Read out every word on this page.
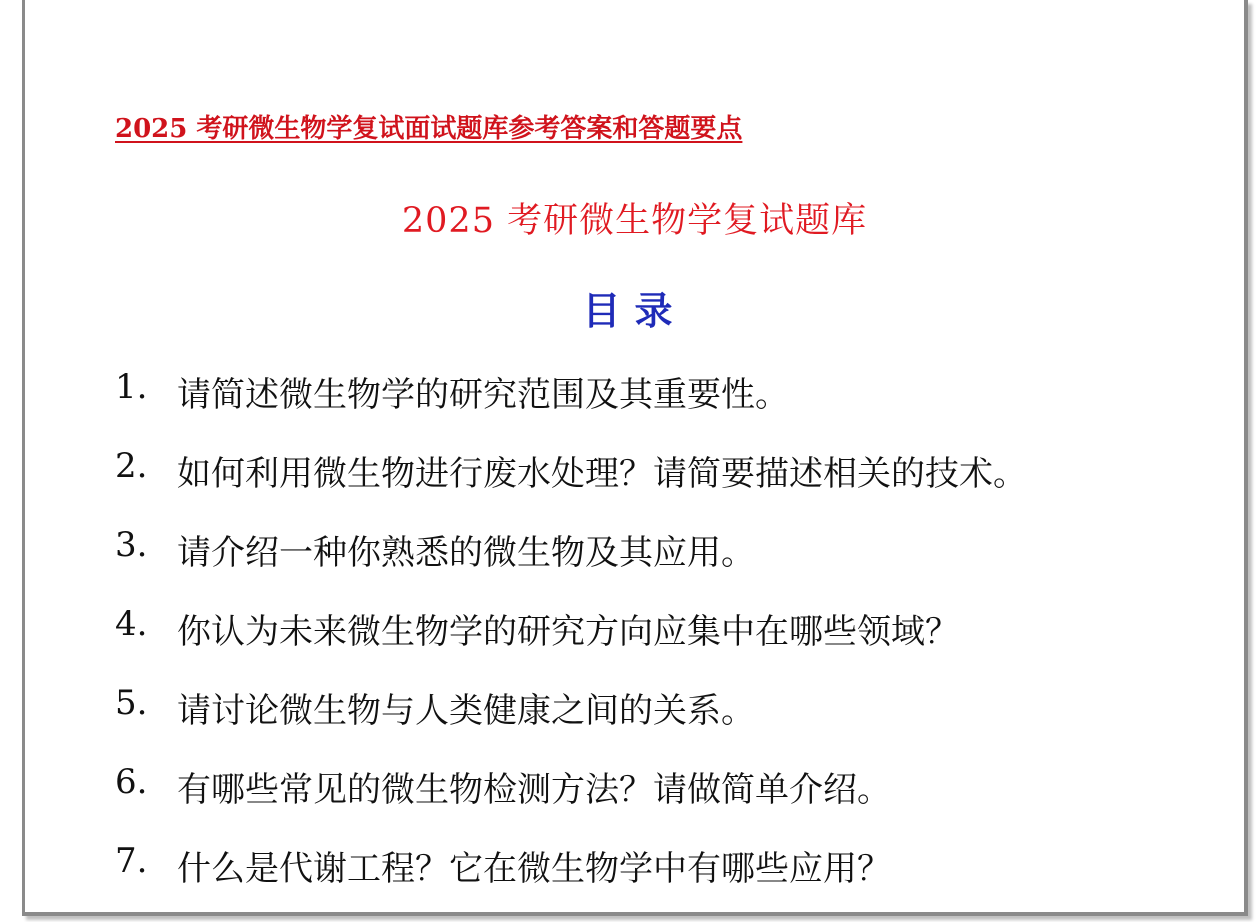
2025 考研微生物学复试面试题库参考答案和答题要点
2025 考研微生物学复试题库
目录
1. 请简述微生物学的研究范围及其重要性。
2. 如何利用微生物进行废水处理？请简要描述相关的技术。
3. 请介绍一种你熟悉的微生物及其应用。
4. 你认为未来微生物学的研究方向应集中在哪些领域？
5. 请讨论微生物与人类健康之间的关系。
6. 有哪些常见的微生物检测方法？请做简单介绍。
7. 什么是代谢工程？它在微生物学中有哪些应用？
